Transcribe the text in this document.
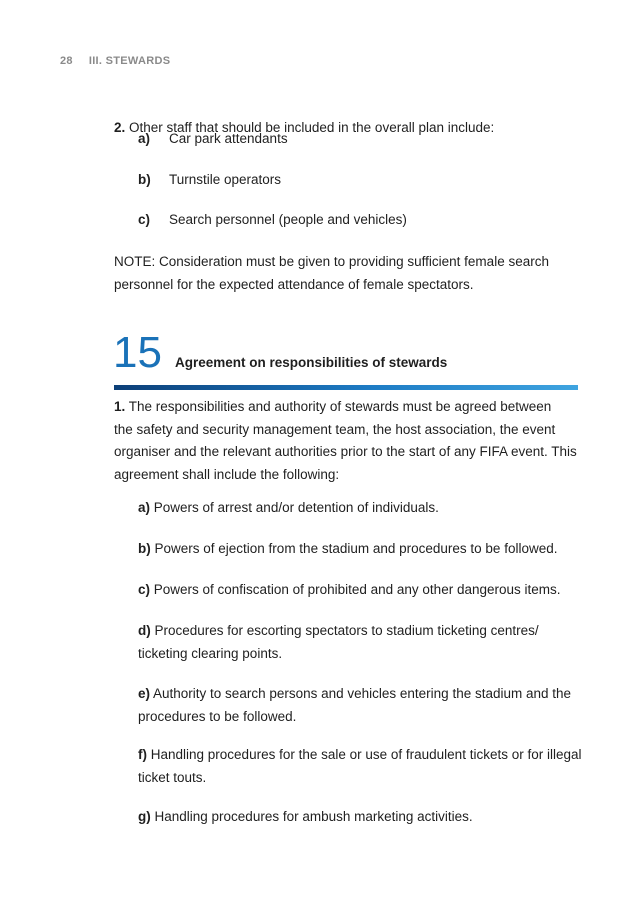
28 III. STEWARDS
2. Other staff that should be included in the overall plan include:
a) Car park attendants
b) Turnstile operators
c) Search personnel (people and vehicles)
NOTE: Consideration must be given to providing sufficient female search
personnel for the expected attendance of female spectators.
15 Agreement on responsibilities of stewards
1. The responsibilities and authority of stewards must be agreed between
the safety and security management team, the host association, the event
organiser and the relevant authorities prior to the start of any FIFA event. This
agreement shall include the following:
a) Powers of arrest and/or detention of individuals.
b) Powers of ejection from the stadium and procedures to be followed.
c) Powers of confiscation of prohibited and any other dangerous items.
d) Procedures for escorting spectators to stadium ticketing centres/
ticketing clearing points.
e) Authority to search persons and vehicles entering the stadium and the
procedures to be followed.
f) Handling procedures for the sale or use of fraudulent tickets or for illegal
ticket touts.
g) Handling procedures for ambush marketing activities.
